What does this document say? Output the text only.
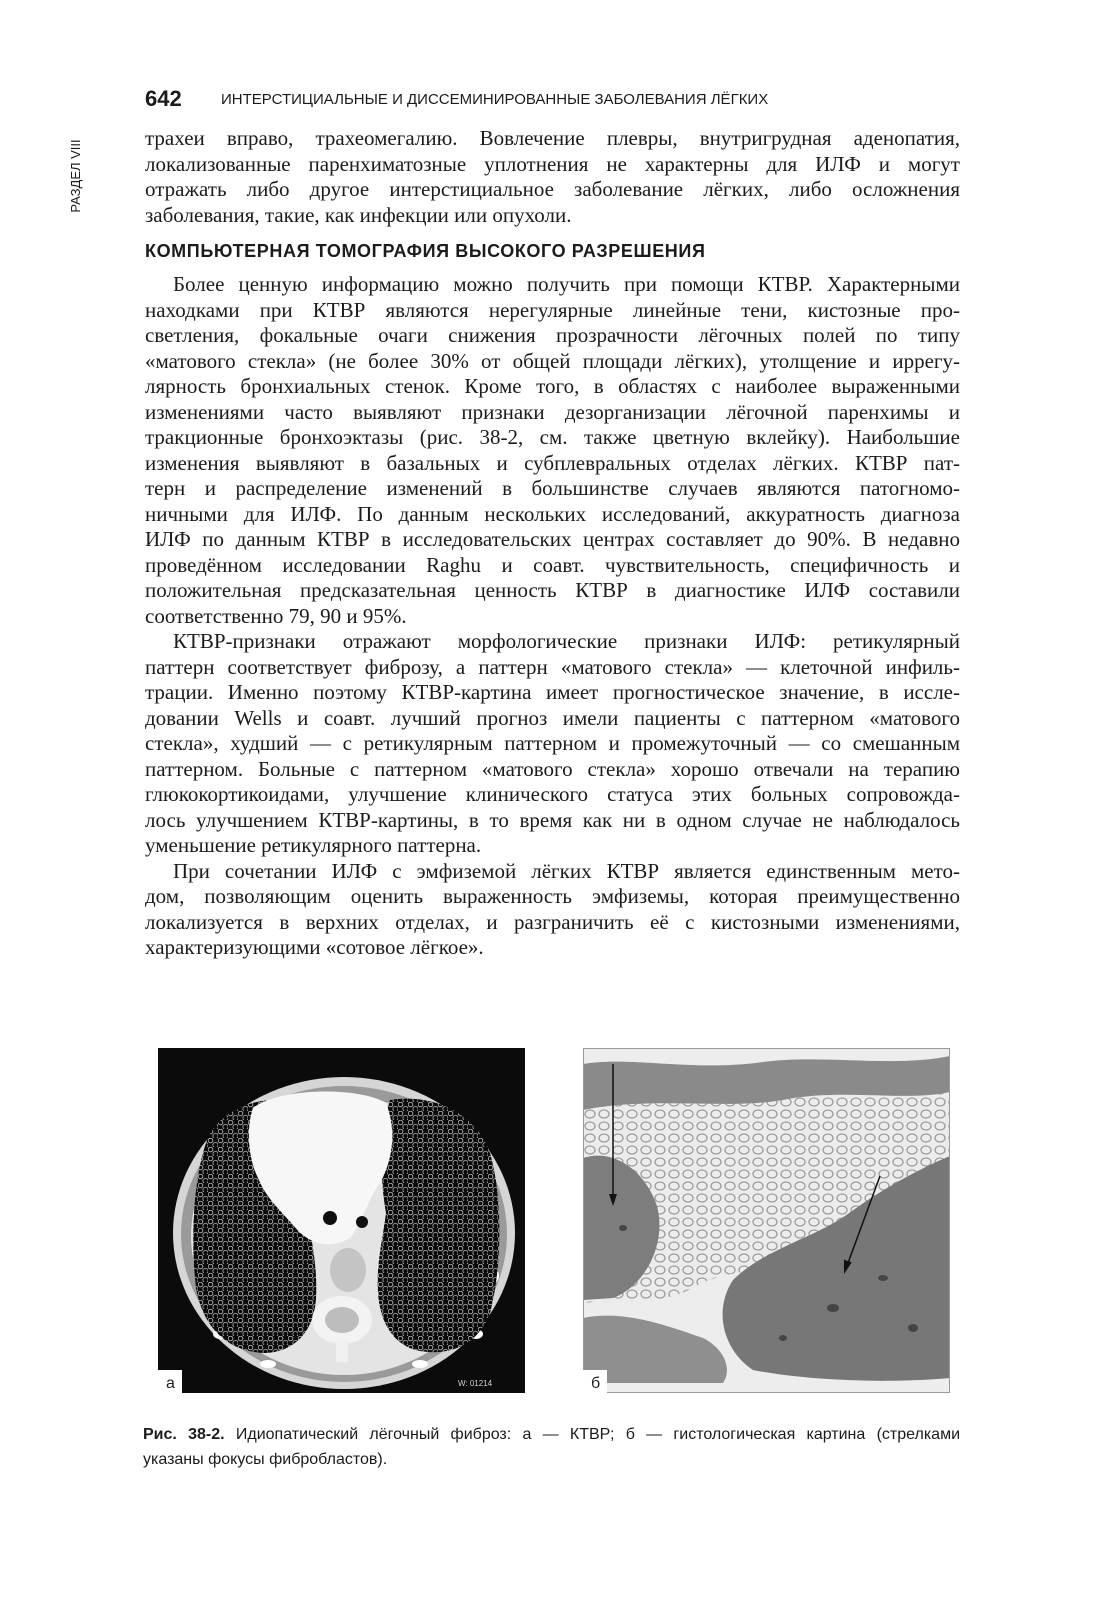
642	ИНТЕРСТИЦИАЛЬНЫЕ И ДИССЕМИНИРОВАННЫЕ ЗАБОЛЕВАНИЯ ЛЁГКИХ
РАЗДЕЛ VIII
трахеи вправо, трахеомегалию. Вовлечение плевры, внутригрудная аденопатия,
локализованные паренхиматозные уплотнения не характерны для ИЛФ и могут
отражать либо другое интерстициальное заболевание лёгких, либо осложнения
заболевания, такие, как инфекции или опухоли.
КОМПЬЮТЕРНАЯ ТОМОГРАФИЯ ВЫСОКОГО РАЗРЕШЕНИЯ
Более ценную информацию можно получить при помощи КТВР. Характерными
находками при КТВР являются нерегулярные линейные тени, кистозные про-
светления, фокальные очаги снижения прозрачности лёгочных полей по типу
«матового стекла» (не более 30% от общей площади лёгких), утолщение и иррегу-
лярность бронхиальных стенок. Кроме того, в областях с наиболее выраженными
изменениями часто выявляют признаки дезорганизации лёгочной паренхимы и
тракционные бронхоэктазы (рис. 38-2, см. также цветную вклейку). Наибольшие
изменения выявляют в базальных и субплевральных отделах лёгких. КТВР пат-
терн и распределение изменений в большинстве случаев являются патогномо-
ничными для ИЛФ. По данным нескольких исследований, аккуратность диагноза
ИЛФ по данным КТВР в исследовательских центрах составляет до 90%. В недавно
проведённом исследовании Raghu и соавт. чувствительность, специфичность и
положительная предсказательная ценность КТВР в диагностике ИЛФ составили
соответственно 79, 90 и 95%.
КТВР-признаки отражают морфологические признаки ИЛФ: ретикулярный
паттерн соответствует фиброзу, а паттерн «матового стекла» — клеточной инфиль-
трации. Именно поэтому КТВР-картина имеет прогностическое значение, в иссле-
довании Wells и соавт. лучший прогноз имели пациенты с паттерном «матового
стекла», худший — с ретикулярным паттерном и промежуточный — со смешанным
паттерном. Больные с паттерном «матового стекла» хорошо отвечали на терапию
глюкокортикоидами, улучшение клинического статуса этих больных сопровожда-
лось улучшением КТВР-картины, в то время как ни в одном случае не наблюдалось
уменьшение ретикулярного паттерна.
При сочетании ИЛФ с эмфиземой лёгких КТВР является единственным мето-
дом, позволяющим оценить выраженность эмфиземы, которая преимущественно
локализуется в верхних отделах, и разграничить её с кистозными изменениями,
характеризующими «сотовое лёгкое».
а	W: 01214	б
Рис. 38-2. Идиопатический лёгочный фиброз: а — КТВР; б — гистологическая картина (стрелками
указаны фокусы фибробластов).
